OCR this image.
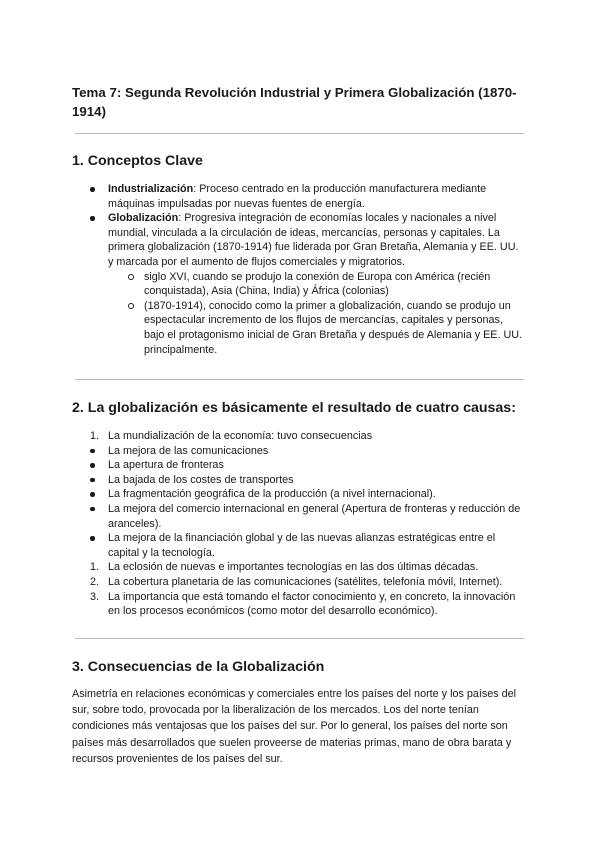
Tema 7: Segunda Revolución Industrial y Primera Globalización (1870-1914)
1. Conceptos Clave
Industrialización: Proceso centrado en la producción manufacturera mediante máquinas impulsadas por nuevas fuentes de energía.
Globalización: Progresiva integración de economías locales y nacionales a nivel mundial, vinculada a la circulación de ideas, mercancías, personas y capitales. La primera globalización (1870-1914) fue liderada por Gran Bretaña, Alemania y EE. UU. y marcada por el aumento de flujos comerciales y migratorios.
siglo XVI, cuando se produjo la conexión de Europa con América (recién conquistada), Asia (China, India) y África (colonias)
(1870-1914), conocido como la primer a globalización, cuando se produjo un espectacular incremento de los flujos de mercancías, capitales y personas, bajo el protagonismo inicial de Gran Bretaña y después de Alemania y EE. UU. principalmente.
2. La globalización es básicamente el resultado de cuatro causas:
1. La mundialización de la economía: tuvo consecuencias
La mejora de las comunicaciones
La apertura de fronteras
La bajada de los costes de transportes
La fragmentación geográfica de la producción (a nivel internacional).
La mejora del comercio internacional en general (Apertura de fronteras y reducción de aranceles).
La mejora de la financiación global y de las nuevas alianzas estratégicas entre el capital y la tecnología.
1. La eclosión de nuevas e importantes tecnologías en las dos últimas décadas.
2. La cobertura planetaria de las comunicaciones (satélites, telefonía móvil, Internet).
3. La importancia que está tomando el factor conocimiento y, en concreto, la innovación en los procesos económicos (como motor del desarrollo económico).
3. Consecuencias de la Globalización

Asimetría en relaciones económicas y comerciales entre los países del norte y los países del sur, sobre todo, provocada por la liberalización de los mercados. Los del norte tenían condiciones más ventajosas que los países del sur. Por lo general, los países del norte son países más desarrollados que suelen proveerse de materias primas, mano de obra barata y recursos provenientes de los países del sur.
